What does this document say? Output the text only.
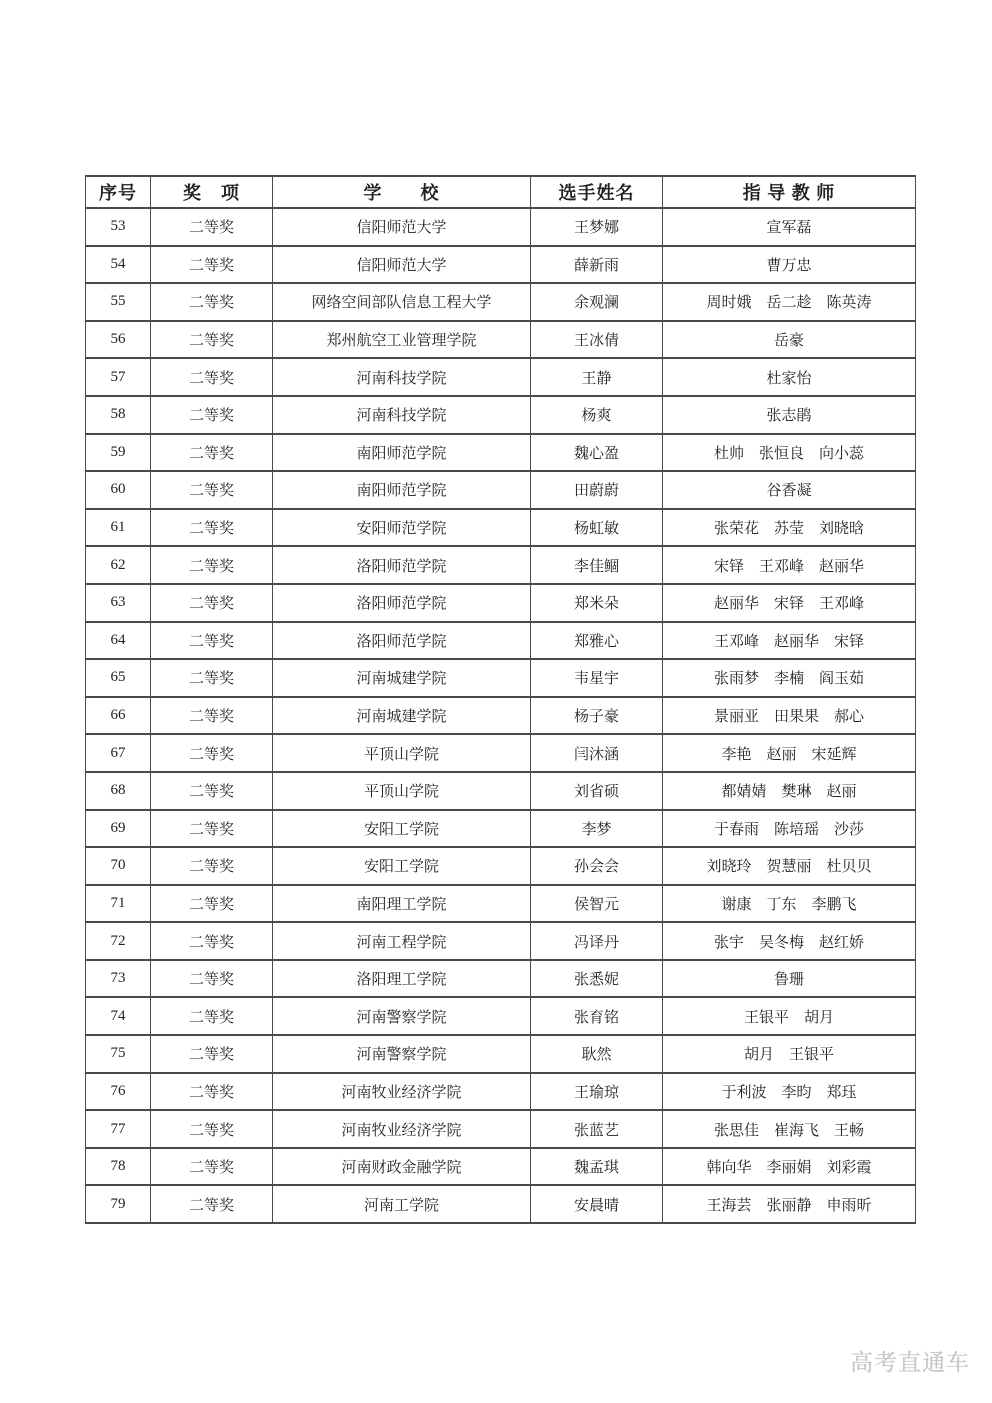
序号	奖　项	学　　校	选手姓名	指 导 教 师
53	二等奖	信阳师范大学	王梦娜	宣军磊
54	二等奖	信阳师范大学	薛新雨	曹万忠
55	二等奖	网络空间部队信息工程大学	余观澜	周时娥　岳二趁　陈英涛
56	二等奖	郑州航空工业管理学院	王冰倩	岳豪
57	二等奖	河南科技学院	王静	杜家怡
58	二等奖	河南科技学院	杨爽	张志鹃
59	二等奖	南阳师范学院	魏心盈	杜帅　张恒良　向小蕊
60	二等奖	南阳师范学院	田蔚蔚	谷香凝
61	二等奖	安阳师范学院	杨虹敏	张荣花　苏莹　刘晓晗
62	二等奖	洛阳师范学院	李佳鲴	宋铎　王邓峰　赵丽华
63	二等奖	洛阳师范学院	郑米朵	赵丽华　宋铎　王邓峰
64	二等奖	洛阳师范学院	郑雅心	王邓峰　赵丽华　宋铎
65	二等奖	河南城建学院	韦星宇	张雨梦　李楠　阎玉茹
66	二等奖	河南城建学院	杨子豪	景丽亚　田果果　郝心
67	二等奖	平顶山学院	闫沐涵	李艳　赵丽　宋延辉
68	二等奖	平顶山学院	刘省硕	都婧婧　樊琳　赵丽
69	二等奖	安阳工学院	李梦	于春雨　陈培瑶　沙莎
70	二等奖	安阳工学院	孙会会	刘晓玲　贺慧丽　杜贝贝
71	二等奖	南阳理工学院	侯智元	谢康　丁东　李鹏飞
72	二等奖	河南工程学院	冯译丹	张宇　吴冬梅　赵红娇
73	二等奖	洛阳理工学院	张悉妮	鲁珊
74	二等奖	河南警察学院	张育铭	王银平　胡月
75	二等奖	河南警察学院	耿然	胡月　王银平
76	二等奖	河南牧业经济学院	王瑜琼	于利波　李昀　郑珏
77	二等奖	河南牧业经济学院	张蓝艺	张思佳　崔海飞　王畅
78	二等奖	河南财政金融学院	魏孟琪	韩向华　李丽娟　刘彩霞
79	二等奖	河南工学院	安晨晴	王海芸　张丽静　申雨昕
高考直通车
